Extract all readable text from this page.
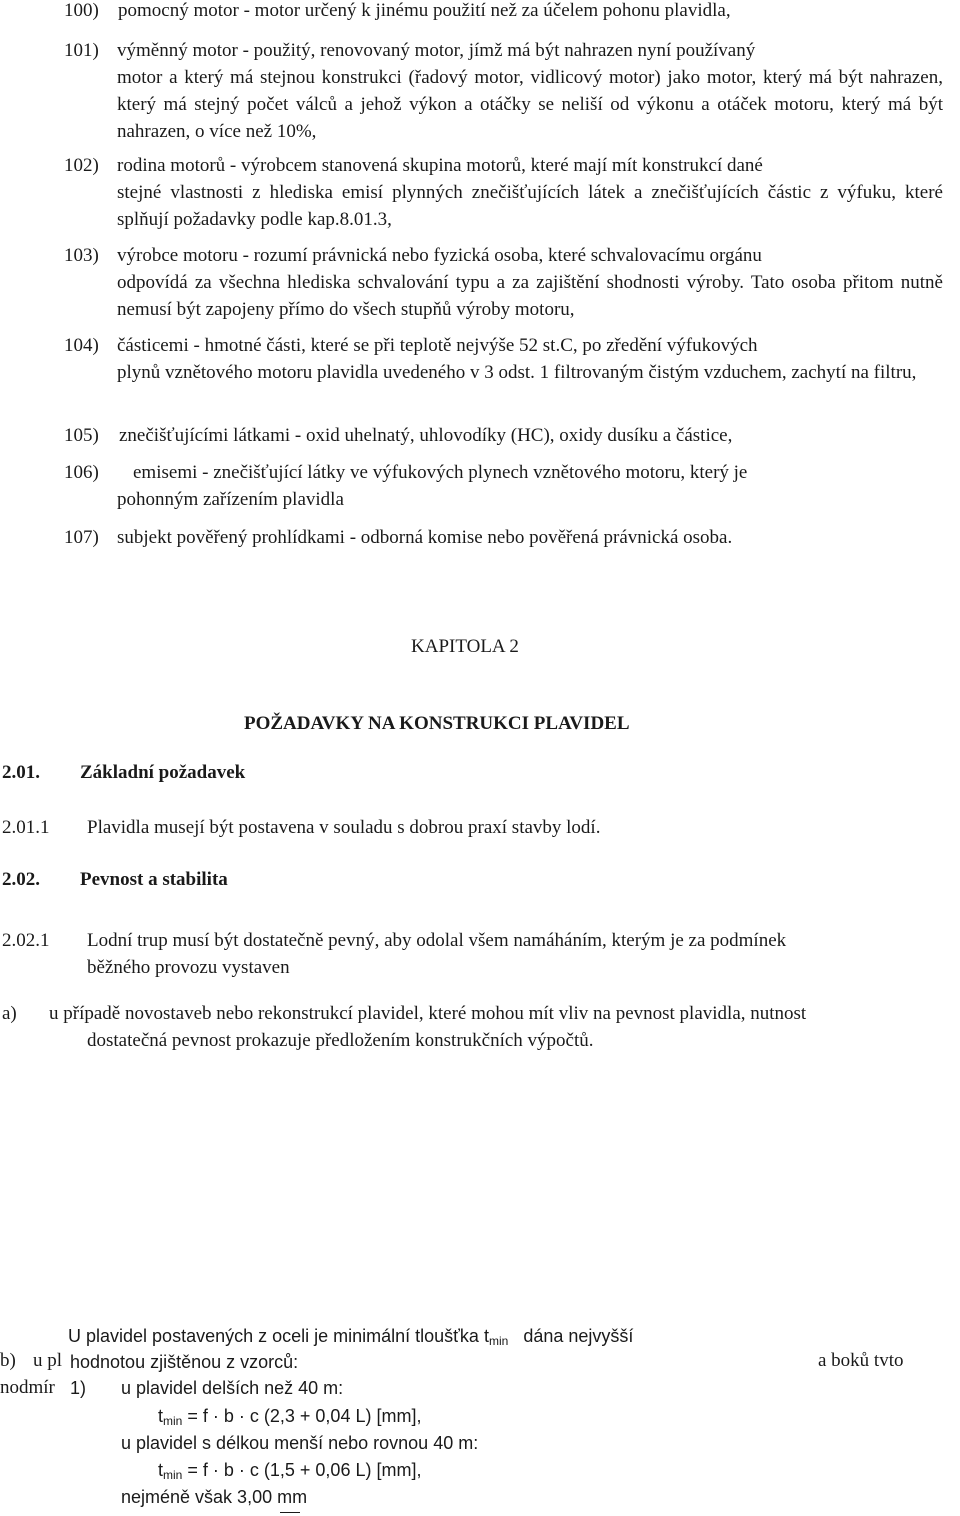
100) pomocný motor - motor určený k jinému použití než za účelem pohonu plavidla,
101) výměnný motor - použitý, renovovaný motor, jímž má být nahrazen nyní používaný
motor a který má stejnou konstrukci (řadový motor, vidlicový motor) jako motor, který má být nahrazen, který má stejný počet válců a jehož výkon a otáčky se neliší od výkonu a otáček motoru, který má být nahrazen, o více než 10%,
102) rodina motorů - výrobcem stanovená skupina motorů, které mají mít konstrukcí dané
stejné vlastnosti z hlediska emisí plynných znečišťujících látek a znečišťujících částic z výfuku, které splňují požadavky podle kap.8.01.3,
103) výrobce motoru - rozumí právnická nebo fyzická osoba, které schvalovacímu orgánu
odpovídá za všechna hlediska schvalování typu a za zajištění shodnosti výroby. Tato osoba přitom nutně nemusí být zapojeny přímo do všech stupňů výroby motoru,
104) částicemi - hmotné části, které se při teplotě nejvýše 52 st.C, po zředění výfukových
plynů vznětového motoru plavidla uvedeného v 3 odst. 1 filtrovaným čistým vzduchem, zachytí na filtru,
105) znečišťujícími látkami - oxid uhelnatý, uhlovodíky (HC), oxidy dusíku a částice,
106) emisemi - znečišťující látky ve výfukových plynech vznětového motoru, který je
pohonným zařízením plavidla
107) subjekt pověřený prohlídkami - odborná komise nebo pověřená právnická osoba.
KAPITOLA 2
POŽADAVKY NA KONSTRUKCI PLAVIDEL
2.01. Základní požadavek
2.01.1 Plavidla musejí být postavena v souladu s dobrou praxí stavby lodí.
2.02. Pevnost a stabilita
2.02.1 Lodní trup musí být dostatečně pevný, aby odolal všem namáháním, kterým je za podmínek
běžného provozu vystaven
a) u případě novostaveb nebo rekonstrukcí plavidel, které mohou mít vliv na pevnost plavidla, nutnost
dostatečná pevnost prokazuje předložením konstrukčních výpočtů.
b) u pl	a boků tvto
nodmír
U plavidel postavených z oceli je minimální tloušťka $t_{min}$ dána nejvyšší
hodnotou zjištěnou z vzorců:
1) u plavidel delších než 40 m:
$t_{min} = f \cdot b \cdot c$ (2,3 + 0,04 L) [mm],
u plavidel s délkou menší nebo rovnou 40 m:
$t_{min} = f \cdot b \cdot c$ (1,5 + 0,06 L) [mm],
nejméně však 3,00 mm
